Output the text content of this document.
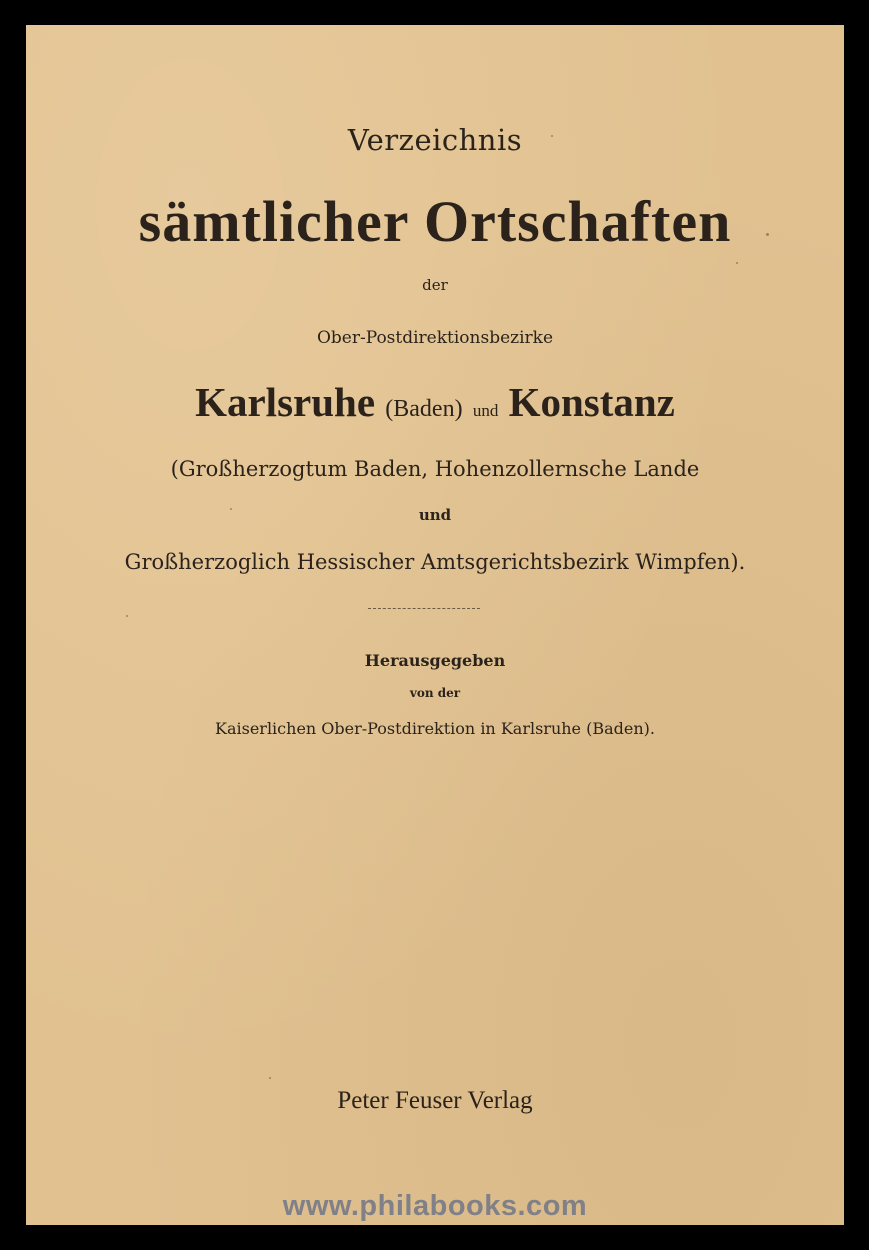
Verzeichnis
sämtlicher Ortschaften
der
Ober-Postdirektionsbezirke
Karlsruhe (Baden) und Konstanz
(Großherzogtum Baden, Hohenzollernsche Lande
und
Großherzoglich Hessischer Amtsgerichtsbezirk Wimpfen).
Herausgegeben
von der
Kaiserlichen Ober-Postdirektion in Karlsruhe (Baden).
Peter Feuser Verlag
www.philabooks.com
